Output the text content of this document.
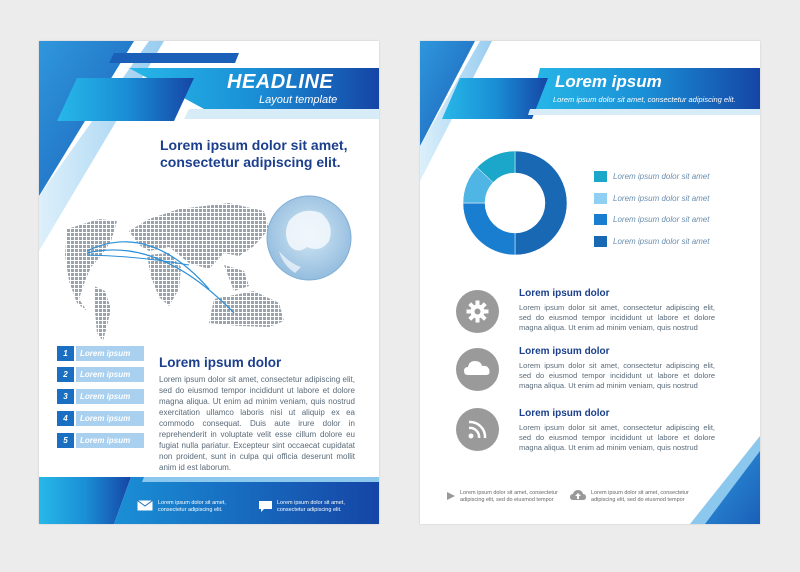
HEADLINE
Layout template
Lorem ipsum dolor sit amet, consectetur adipiscing elit.
1	Lorem ipsum
2	Lorem ipsum
3	Lorem ipsum
4	Lorem ipsum
5	Lorem ipsum
Lorem ipsum dolor
Lorem ipsum dolor sit amet, consectetur adipiscing elit, sed do eiusmod tempor incididunt ut labore et dolore magna aliqua. Ut enim ad minim veniam, quis nostrud exercitation ullamco laboris nisi ut aliquip ex ea commodo consequat. Duis aute irure dolor in reprehenderit in voluptate velit esse cillum dolore eu fugiat nulla pariatur. Excepteur sint occaecat cupidatat non proident, sunt in culpa qui officia deserunt mollit anim id est laborum.
Lorem ipsum dolor sit amet,
consectetur adipiscing elit.
Lorem ipsum dolor sit amet,
consectetur adipiscing elit.
Lorem ipsum
Lorem ipsum dolor sit amet, consectetur adipiscing elit.
Lorem ipsum dolor
Lorem ipsum dolor sit amet, consectetur adipiscing elit, sed do eiusmod tempor incididunt ut labore et dolore magna aliqua. Ut enim ad minim veniam, quis nostrud
Lorem ipsum dolor
Lorem ipsum dolor sit amet, consectetur adipiscing elit, sed do eiusmod tempor incididunt ut labore et dolore magna aliqua. Ut enim ad minim veniam, quis nostrud
Lorem ipsum dolor
Lorem ipsum dolor sit amet, consectetur adipiscing elit, sed do eiusmod tempor incididunt ut labore et dolore magna aliqua. Ut enim ad minim veniam, quis nostrud
Lorem ipsum dolor sit amet, consectetur
adipiscing elit, sed do eiusmod tempor
Lorem ipsum dolor sit amet, consectetur
adipiscing elit, sed do eiusmod tempor
Lorem ipsum dolor sit amet
Lorem ipsum dolor sit amet
Lorem ipsum dolor sit amet
Lorem ipsum dolor sit amet
